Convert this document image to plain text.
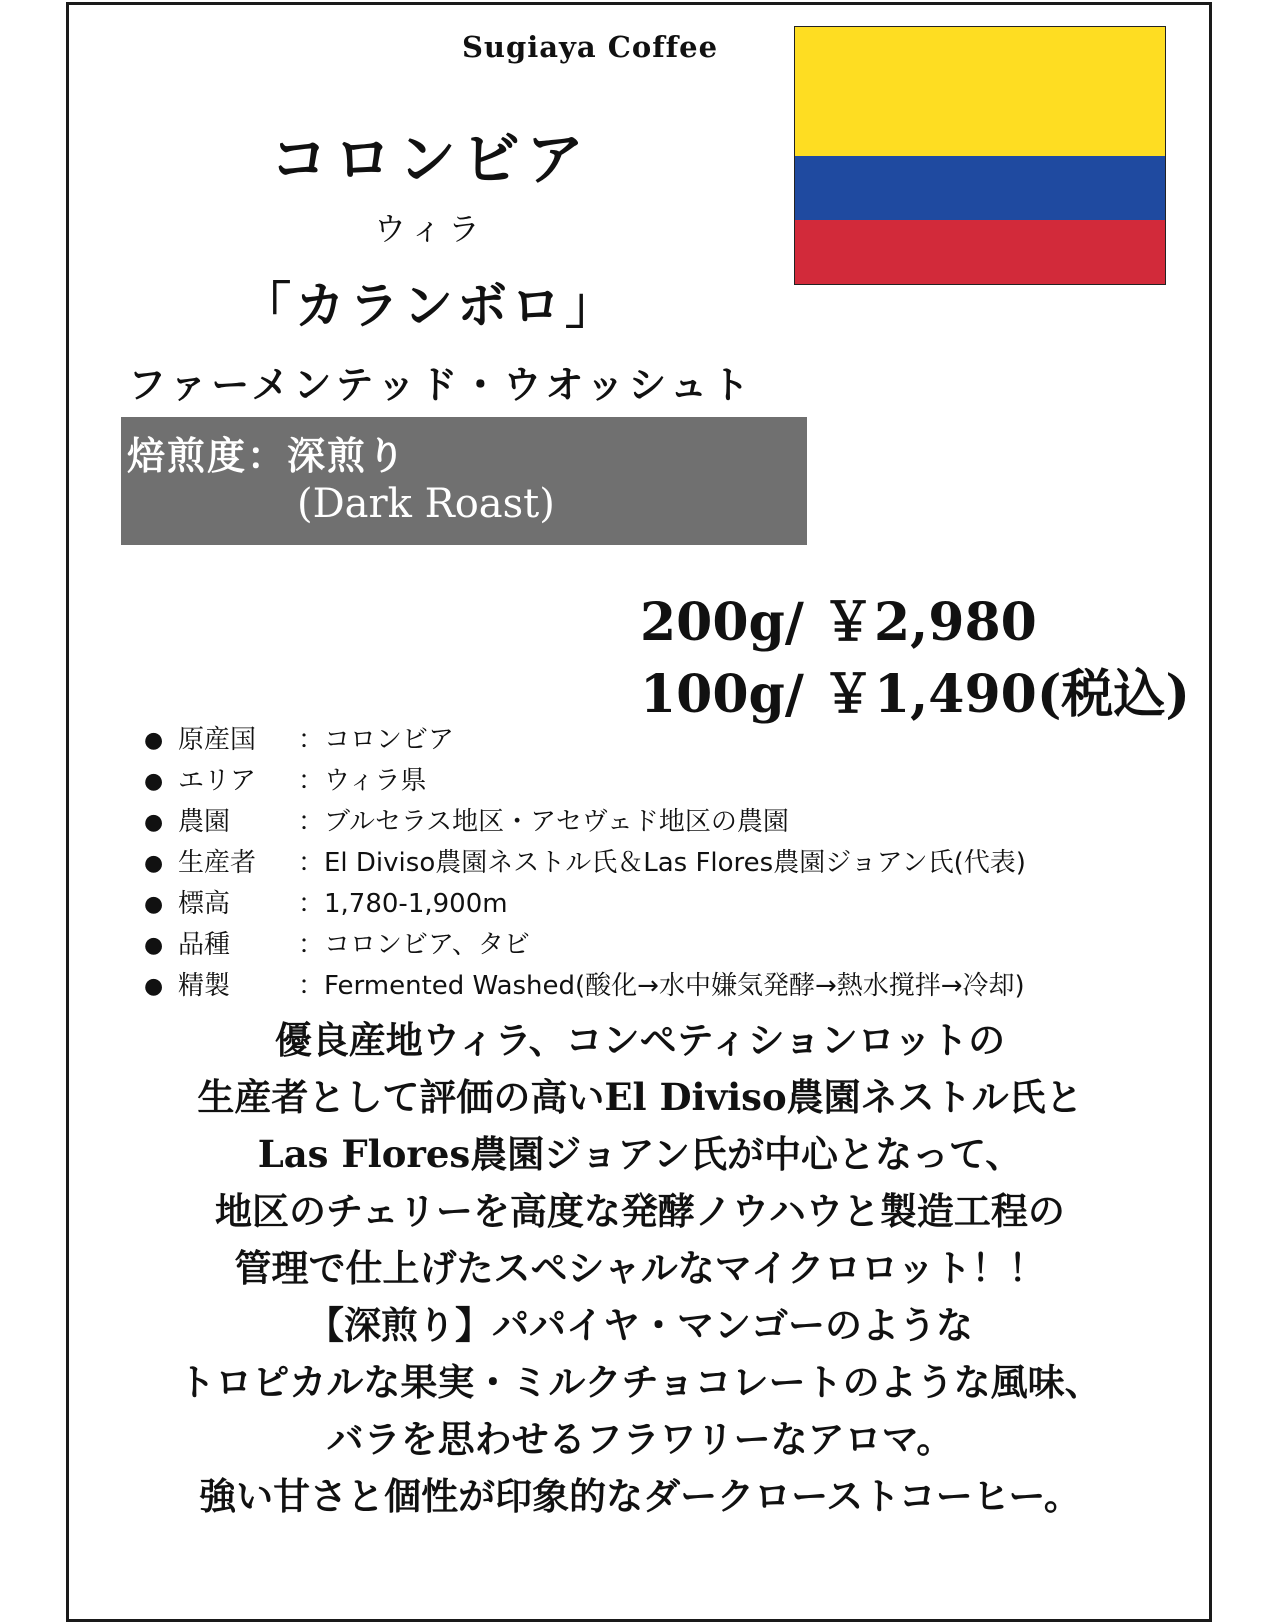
Sugiaya Coffee
コロンビア
ウィラ
「カランボロ」
ファーメンテッド・ウオッシュト
焙煎度：深煎り
(Dark Roast)
200g/ ￥2,980
100g/ ￥1,490(税込)
● 原産国	：コロンビア
● エリア	：ウィラ県
● 農園	：ブルセラス地区・アセヴェド地区の農園
● 生産者	：El Diviso農園ネストル氏＆Las Flores農園ジョアン氏(代表)
● 標高	：1,780-1,900m
● 品種	：コロンビア、タビ
● 精製	：Fermented Washed(酸化→水中嫌気発酵→熱水撹拌→冷却)
優良産地ウィラ、コンペティションロットの
生産者として評価の高いEl Diviso農園ネストル氏と
Las Flores農園ジョアン氏が中心となって、
地区のチェリーを高度な発酵ノウハウと製造工程の
管理で仕上げたスペシャルなマイクロロット！！
【深煎り】パパイヤ・マンゴーのような
トロピカルな果実・ミルクチョコレートのような風味、
バラを思わせるフラワリーなアロマ。
強い甘さと個性が印象的なダークローストコーヒー。
